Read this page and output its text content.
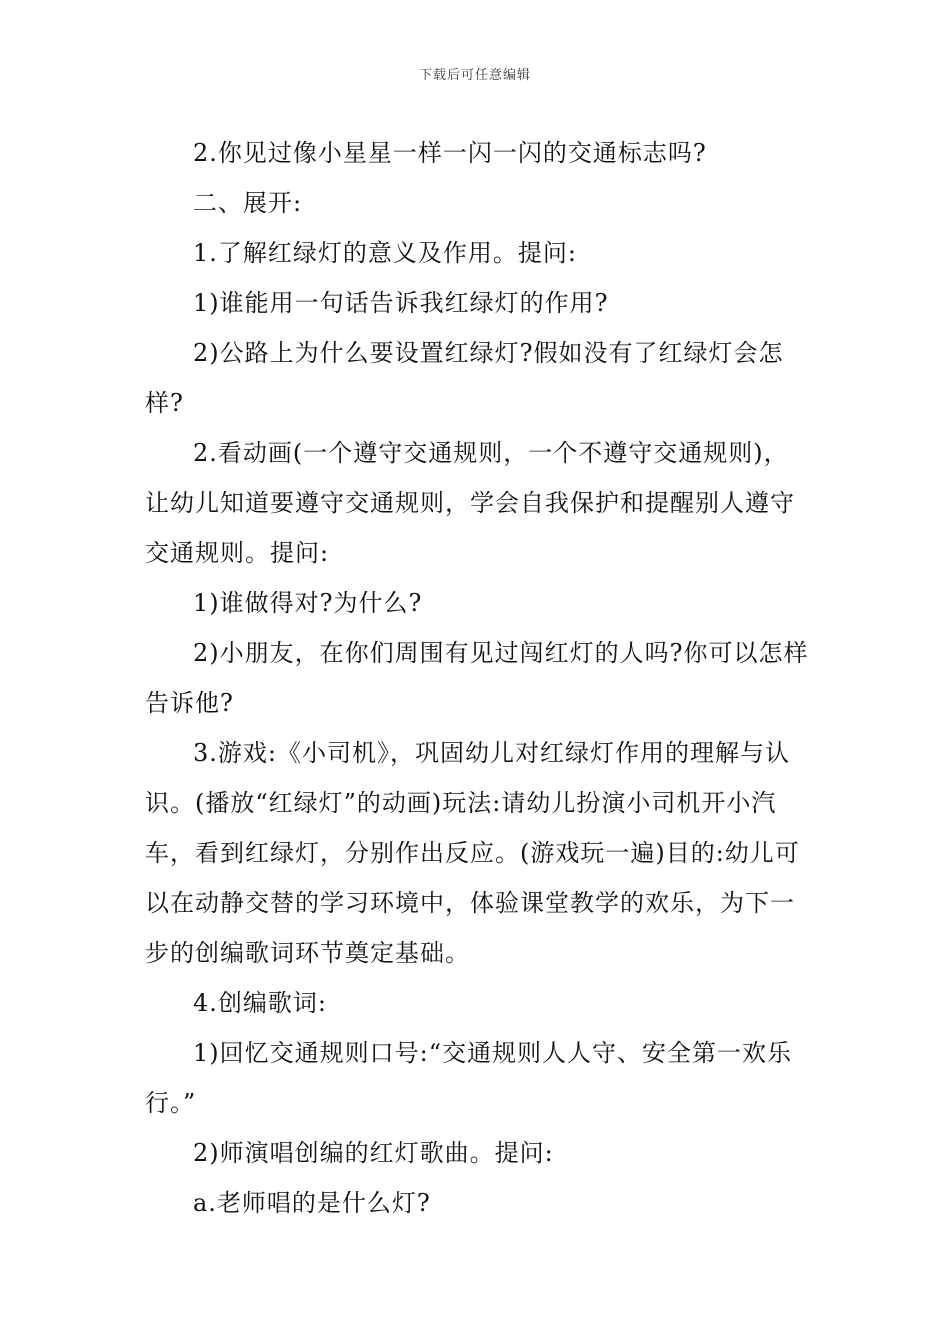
下载后可任意编辑

2.你见过像小星星一样一闪一闪的交通标志吗?

二、展开:

1.了解红绿灯的意义及作用。提问:

1)谁能用一句话告诉我红绿灯的作用?

2)公路上为什么要设置红绿灯?假如没有了红绿灯会怎样?

2.看动画(一个遵守交通规则，一个不遵守交通规则)，让幼儿知道要遵守交通规则，学会自我保护和提醒别人遵守交通规则。提问:

1)谁做得对?为什么?

2)小朋友，在你们周围有见过闯红灯的人吗?你可以怎样告诉他?

3.游戏:《小司机》，巩固幼儿对红绿灯作用的理解与认识。(播放“红绿灯”的动画)玩法:请幼儿扮演小司机开小汽车，看到红绿灯，分别作出反应。(游戏玩一遍)目的:幼儿可以在动静交替的学习环境中，体验课堂教学的欢乐，为下一步的创编歌词环节奠定基础。

4.创编歌词:

1)回忆交通规则口号:“交通规则人人守、安全第一欢乐行。”

2)师演唱创编的红灯歌曲。提问:

a.老师唱的是什么灯?
